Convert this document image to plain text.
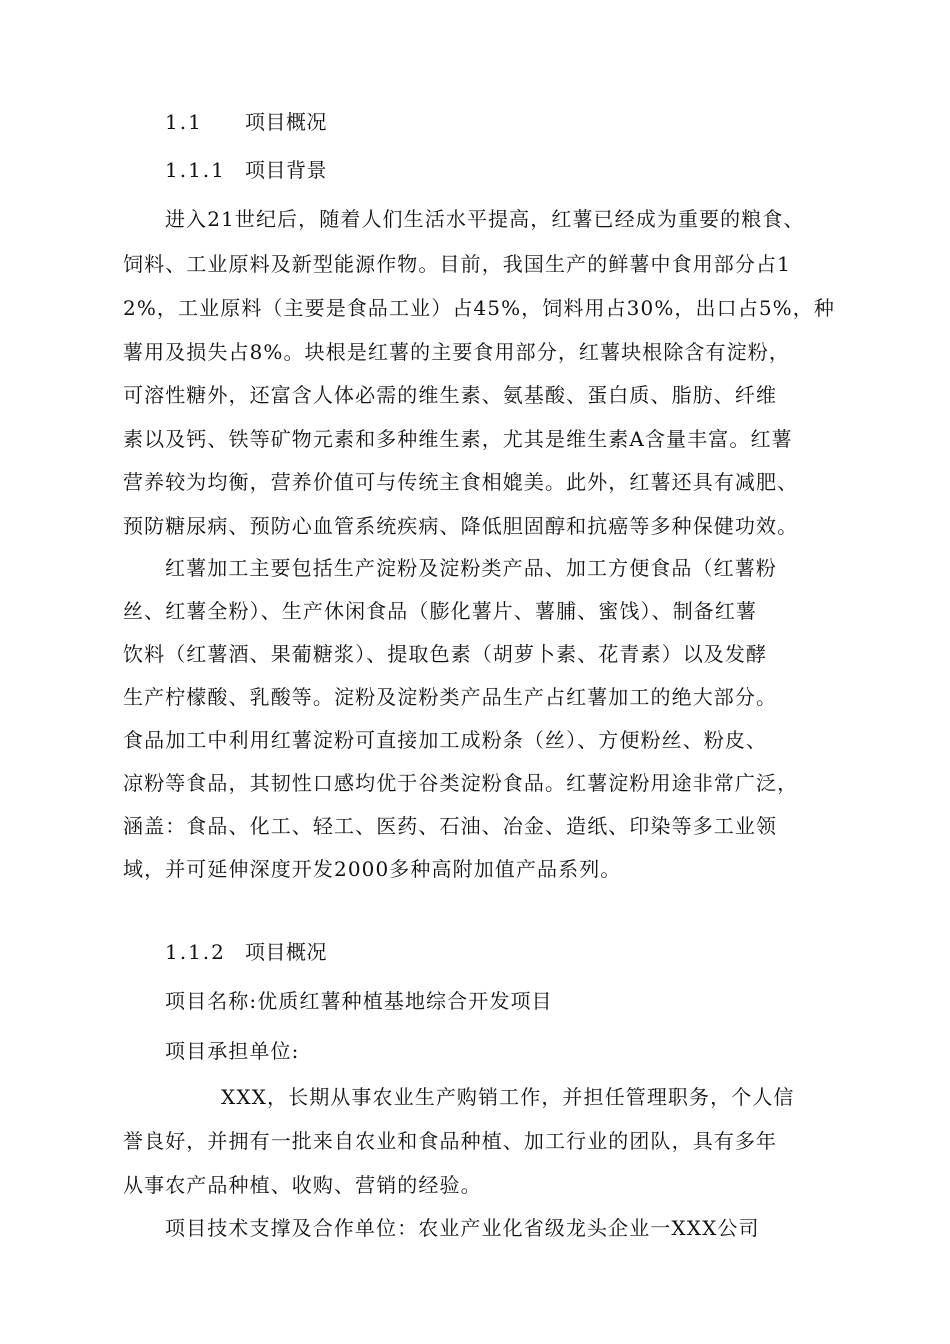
1.1 项目概况
1.1.1 项目背景
进入21世纪后，随着人们生活水平提高，红薯已经成为重要的粮食、
饲料、工业原料及新型能源作物。目前，我国生产的鲜薯中食用部分占1
2%，工业原料（主要是食品工业）占45%，饲料用占30%，出口占5%，种
薯用及损失占8%。块根是红薯的主要食用部分，红薯块根除含有淀粉，
可溶性糖外，还富含人体必需的维生素、氨基酸、蛋白质、脂肪、纤维
素以及钙、铁等矿物元素和多种维生素，尤其是维生素A含量丰富。红薯
营养较为均衡，营养价值可与传统主食相媲美。此外，红薯还具有减肥、
预防糖尿病、预防心血管系统疾病、降低胆固醇和抗癌等多种保健功效。
红薯加工主要包括生产淀粉及淀粉类产品、加工方便食品（红薯粉
丝、红薯全粉）、生产休闲食品（膨化薯片、薯脯、蜜饯）、制备红薯
饮料（红薯酒、果葡糖浆）、提取色素（胡萝卜素、花青素）以及发酵
生产柠檬酸、乳酸等。淀粉及淀粉类产品生产占红薯加工的绝大部分。
食品加工中利用红薯淀粉可直接加工成粉条（丝）、方便粉丝、粉皮、
凉粉等食品，其韧性口感均优于谷类淀粉食品。红薯淀粉用途非常广泛，
涵盖：食品、化工、轻工、医药、石油、冶金、造纸、印染等多工业领
域，并可延伸深度开发2000多种高附加值产品系列。
1.1.2 项目概况
项目名称:优质红薯种植基地综合开发项目
项目承担单位:
XXX，长期从事农业生产购销工作，并担任管理职务，个人信
誉良好，并拥有一批来自农业和食品种植、加工行业的团队，具有多年
从事农产品种植、收购、营销的经验。
项目技术支撑及合作单位：农业产业化省级龙头企业一XXX公司
